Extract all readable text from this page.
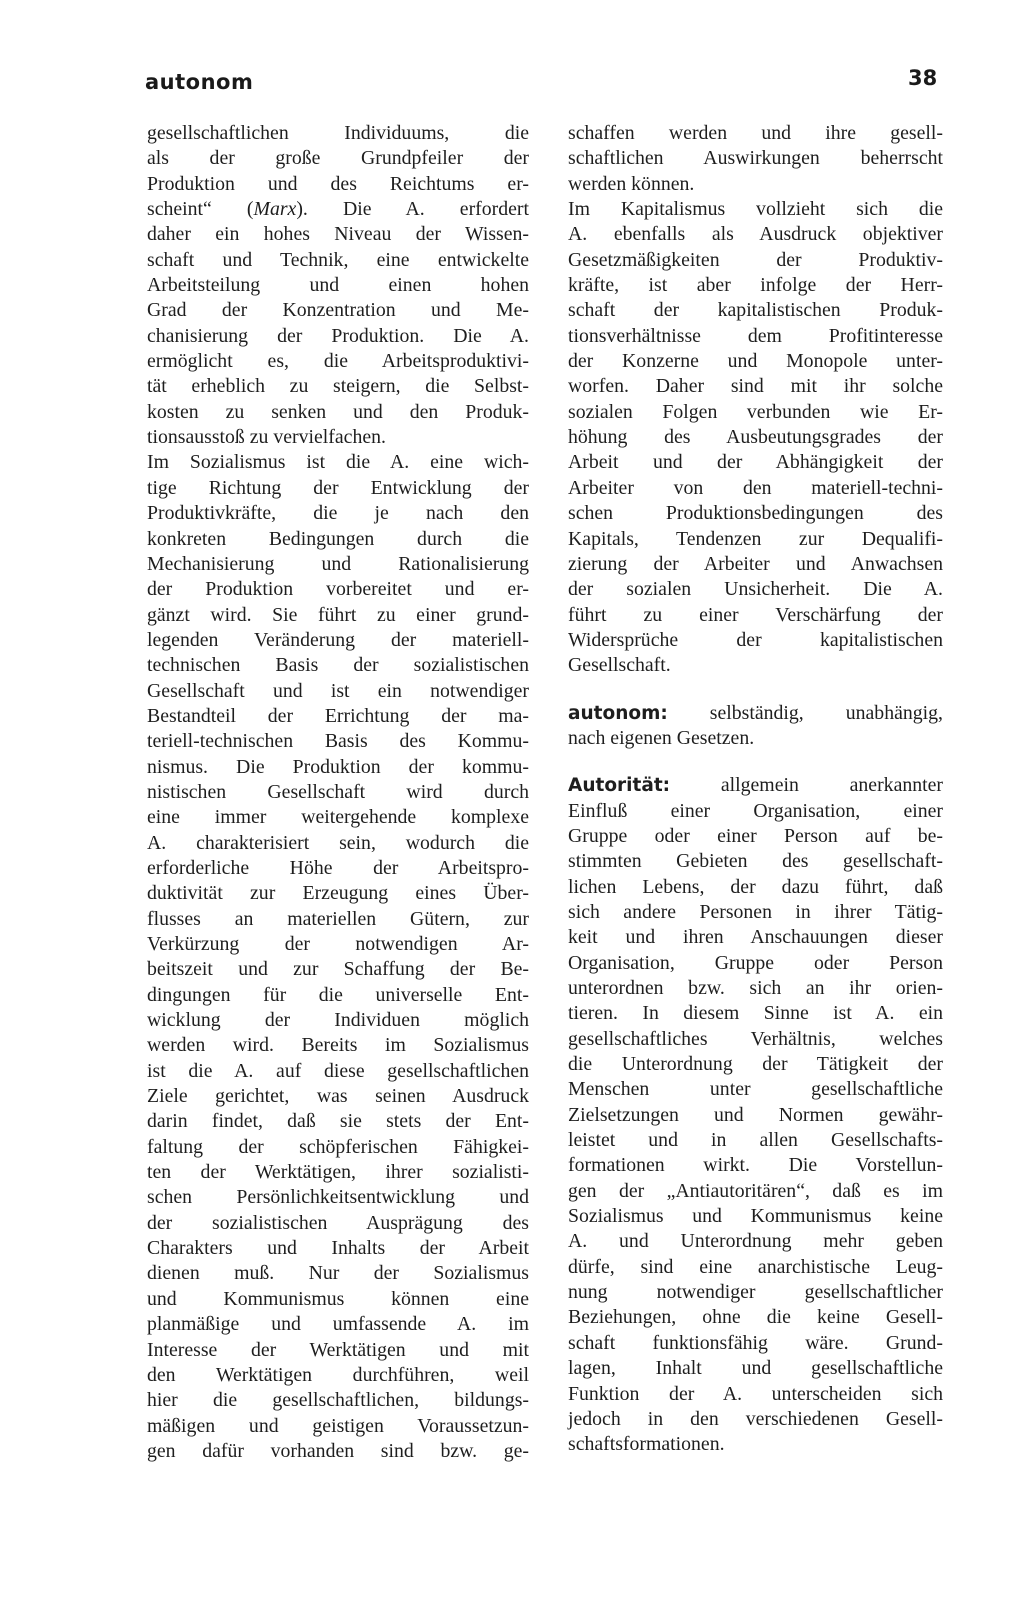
autonom	38
gesellschaftlichen Individuums, die
als der große Grundpfeiler der
Produktion und des Reichtums er-
scheint“ (Marx). Die A. erfordert
daher ein hohes Niveau der Wissen-
schaft und Technik, eine entwickelte
Arbeitsteilung und einen hohen
Grad der Konzentration und Me-
chanisierung der Produktion. Die A.
ermöglicht es, die Arbeitsproduktivi-
tät erheblich zu steigern, die Selbst-
kosten zu senken und den Produk-
tionsausstoß zu vervielfachen.
Im Sozialismus ist die A. eine wich-
tige Richtung der Entwicklung der
Produktivkräfte, die je nach den
konkreten Bedingungen durch die
Mechanisierung und Rationalisierung
der Produktion vorbereitet und er-
gänzt wird. Sie führt zu einer grund-
legenden Veränderung der materiell-
technischen Basis der sozialistischen
Gesellschaft und ist ein notwendiger
Bestandteil der Errichtung der ma-
teriell-technischen Basis des Kommu-
nismus. Die Produktion der kommu-
nistischen Gesellschaft wird durch
eine immer weitergehende komplexe
A. charakterisiert sein, wodurch die
erforderliche Höhe der Arbeitspro-
duktivität zur Erzeugung eines Über-
flusses an materiellen Gütern, zur
Verkürzung der notwendigen Ar-
beitszeit und zur Schaffung der Be-
dingungen für die universelle Ent-
wicklung der Individuen möglich
werden wird. Bereits im Sozialismus
ist die A. auf diese gesellschaftlichen
Ziele gerichtet, was seinen Ausdruck
darin findet, daß sie stets der Ent-
faltung der schöpferischen Fähigkei-
ten der Werktätigen, ihrer sozialisti-
schen Persönlichkeitsentwicklung und
der sozialistischen Ausprägung des
Charakters und Inhalts der Arbeit
dienen muß. Nur der Sozialismus
und Kommunismus können eine
planmäßige und umfassende A. im
Interesse der Werktätigen und mit
den Werktätigen durchführen, weil
hier die gesellschaftlichen, bildungs-
mäßigen und geistigen Voraussetzun-
gen dafür vorhanden sind bzw. ge-
schaffen werden und ihre gesell-
schaftlichen Auswirkungen beherrscht
werden können.
Im Kapitalismus vollzieht sich die
A. ebenfalls als Ausdruck objektiver
Gesetzmäßigkeiten der Produktiv-
kräfte, ist aber infolge der Herr-
schaft der kapitalistischen Produk-
tionsverhältnisse dem Profitinteresse
der Konzerne und Monopole unter-
worfen. Daher sind mit ihr solche
sozialen Folgen verbunden wie Er-
höhung des Ausbeutungsgrades der
Arbeit und der Abhängigkeit der
Arbeiter von den materiell-techni-
schen Produktionsbedingungen des
Kapitals, Tendenzen zur Dequalifi-
zierung der Arbeiter und Anwachsen
der sozialen Unsicherheit. Die A.
führt zu einer Verschärfung der
Widersprüche der kapitalistischen
Gesellschaft.
autonom: selbständig, unabhängig,
nach eigenen Gesetzen.
Autorität:	allgemein anerkannter
Einfluß einer Organisation, einer
Gruppe oder einer Person auf be-
stimmten Gebieten des gesellschaft-
lichen Lebens, der dazu führt, daß
sich andere Personen in ihrer Tätig-
keit und ihren Anschauungen dieser
Organisation, Gruppe oder Person
unterordnen bzw. sich an ihr orien-
tieren. In diesem Sinne ist A. ein
gesellschaftliches Verhältnis, welches
die Unterordnung der Tätigkeit der
Menschen unter gesellschaftliche
Zielsetzungen und Normen gewähr-
leistet und in allen Gesellschafts-
formationen wirkt. Die Vorstellun-
gen der „Antiautoritären“, daß es im
Sozialismus und Kommunismus keine
A. und Unterordnung mehr geben
dürfe, sind eine anarchistische Leug-
nung notwendiger gesellschaftlicher
Beziehungen, ohne die keine Gesell-
schaft funktionsfähig wäre. Grund-
lagen, Inhalt und gesellschaftliche
Funktion der A. unterscheiden sich
jedoch in den verschiedenen Gesell-
schaftsformationen.
